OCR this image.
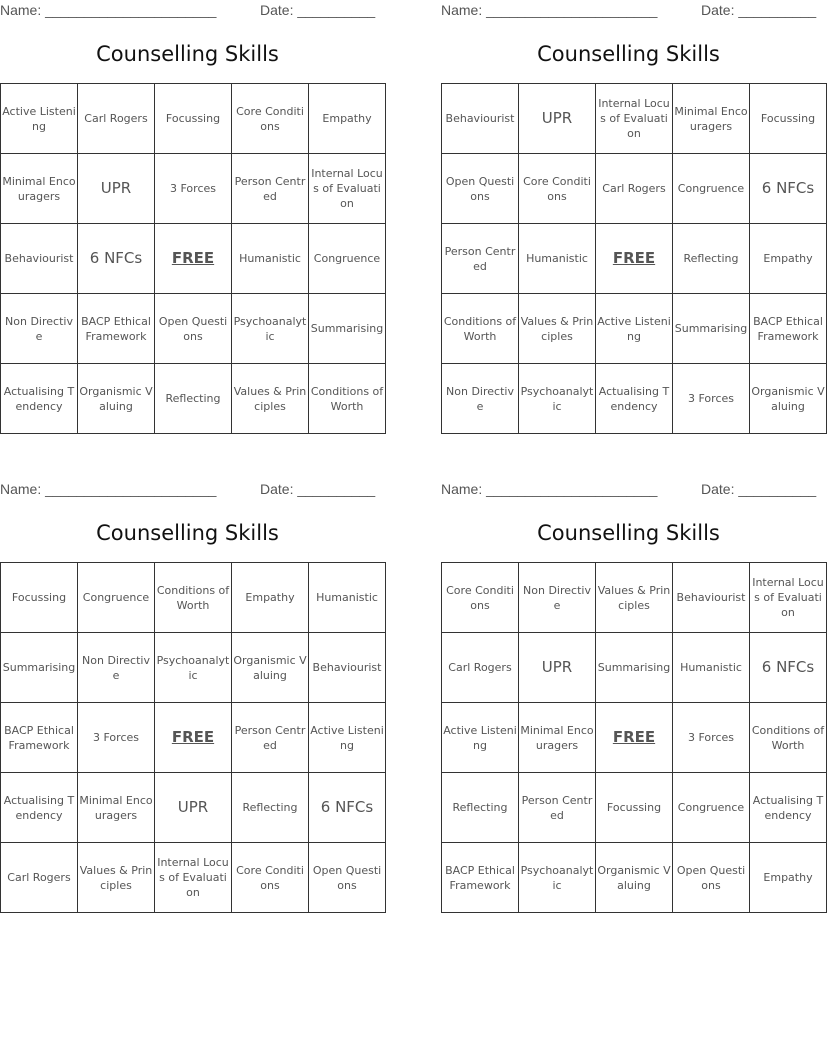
Name: ______________________	Date: __________
Counselling Skills
Active Listening	Carl Rogers	Focussing	Core Conditions	Empathy
Minimal Encouragers	UPR	3 Forces	Person Centred	Internal Locus of Evaluation
Behaviourist	6 NFCs	FREE	Humanistic	Congruence
Non Directive	BACP Ethical Framework	Open Questions	Psychoanalytic	Summarising
Actualising Tendency	Organismic Valuing	Reflecting	Values & Principles	Conditions of Worth
Name: ______________________	Date: __________
Counselling Skills
Behaviourist	UPR	Internal Locus of Evaluation	Minimal Encouragers	Focussing
Open Questions	Core Conditions	Carl Rogers	Congruence	6 NFCs
Person Centred	Humanistic	FREE	Reflecting	Empathy
Conditions of Worth	Values & Principles	Active Listening	Summarising	BACP Ethical Framework
Non Directive	Psychoanalytic	Actualising Tendency	3 Forces	Organismic Valuing
Name: ______________________	Date: __________
Counselling Skills
Focussing	Congruence	Conditions of Worth	Empathy	Humanistic
Summarising	Non Directive	Psychoanalytic	Organismic Valuing	Behaviourist
BACP Ethical Framework	3 Forces	FREE	Person Centred	Active Listening
Actualising Tendency	Minimal Encouragers	UPR	Reflecting	6 NFCs
Carl Rogers	Values & Principles	Internal Locus of Evaluation	Core Conditions	Open Questions
Name: ______________________	Date: __________
Counselling Skills
Core Conditions	Non Directive	Values & Principles	Behaviourist	Internal Locus of Evaluation
Carl Rogers	UPR	Summarising	Humanistic	6 NFCs
Active Listening	Minimal Encouragers	FREE	3 Forces	Conditions of Worth
Reflecting	Person Centred	Focussing	Congruence	Actualising Tendency
BACP Ethical Framework	Psychoanalytic	Organismic Valuing	Open Questions	Empathy
